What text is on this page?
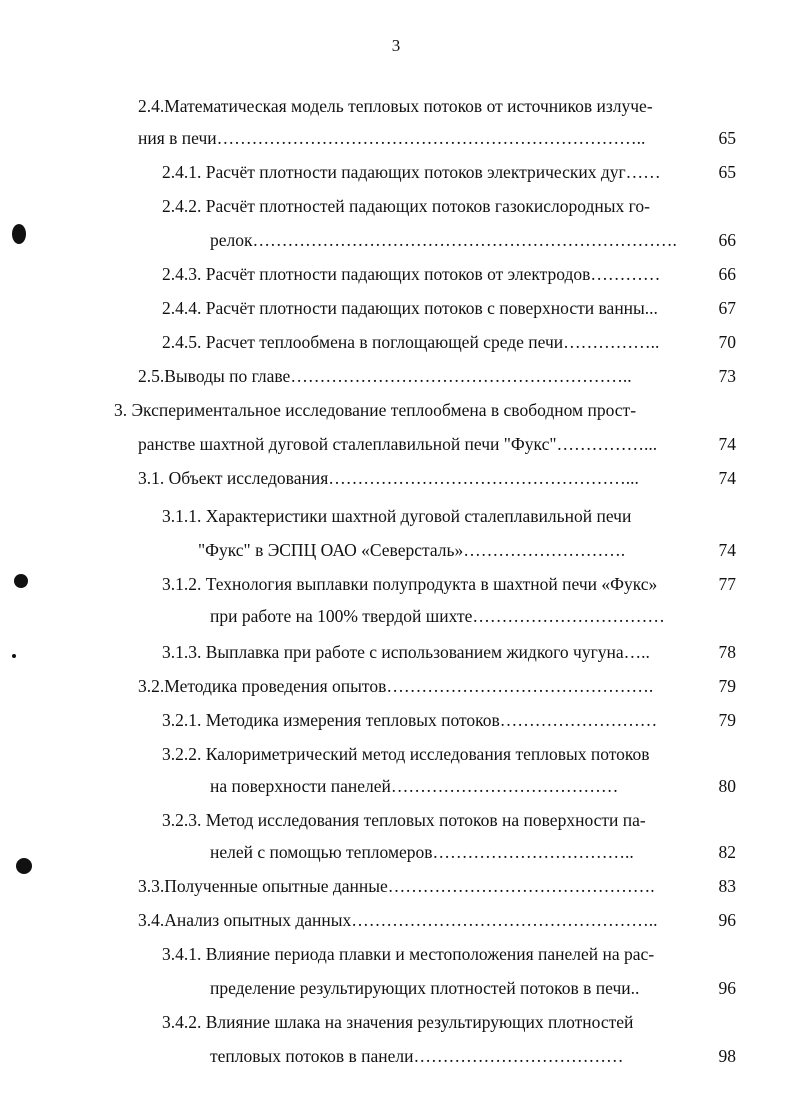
3
2.4.Математическая модель тепловых потоков от источников излуче-
ния в печи………………………………………………………………..	65
2.4.1. Расчёт плотности падающих потоков электрических дуг……	65
2.4.2. Расчёт плотностей падающих потоков газокислородных го-
релок……………………………………………………………….	66
2.4.3. Расчёт плотности падающих потоков от электродов…………	66
2.4.4. Расчёт плотности падающих потоков с поверхности ванны...	67
2.4.5. Расчет теплообмена в поглощающей среде печи……………..	70
2.5.Выводы по главе…………………………………………………..	73
3. Экспериментальное исследование теплообмена в свободном прост-
ранстве шахтной дуговой сталеплавильной печи "Фукс"……………...	74
3.1. Объект исследования……………………………………………...	74
3.1.1. Характеристики шахтной дуговой сталеплавильной печи
"Фукс" в ЭСПЦ ОАО «Северсталь»……………………….	74
3.1.2. Технология выплавки полупродукта в шахтной печи «Фукс»	77
при работе на 100% твердой шихте……………………………
3.1.3. Выплавка при работе с использованием жидкого чугуна…..	78
3.2.Методика проведения опытов……………………………………….	79
3.2.1. Методика измерения тепловых потоков………………………	79
3.2.2. Калориметрический метод исследования тепловых потоков
на поверхности панелей…………………………………	80
3.2.3. Метод исследования тепловых потоков на поверхности па-
нелей с помощью тепломеров……………………………..	82
3.3.Полученные опытные данные……………………………………….	83
3.4.Анализ опытных данных……………………………………………..	96
3.4.1. Влияние периода плавки и местоположения панелей на рас-
пределение результирующих плотностей потоков в печи..	96
3.4.2. Влияние шлака на значения результирующих плотностей
тепловых потоков в панели………………………………	98
